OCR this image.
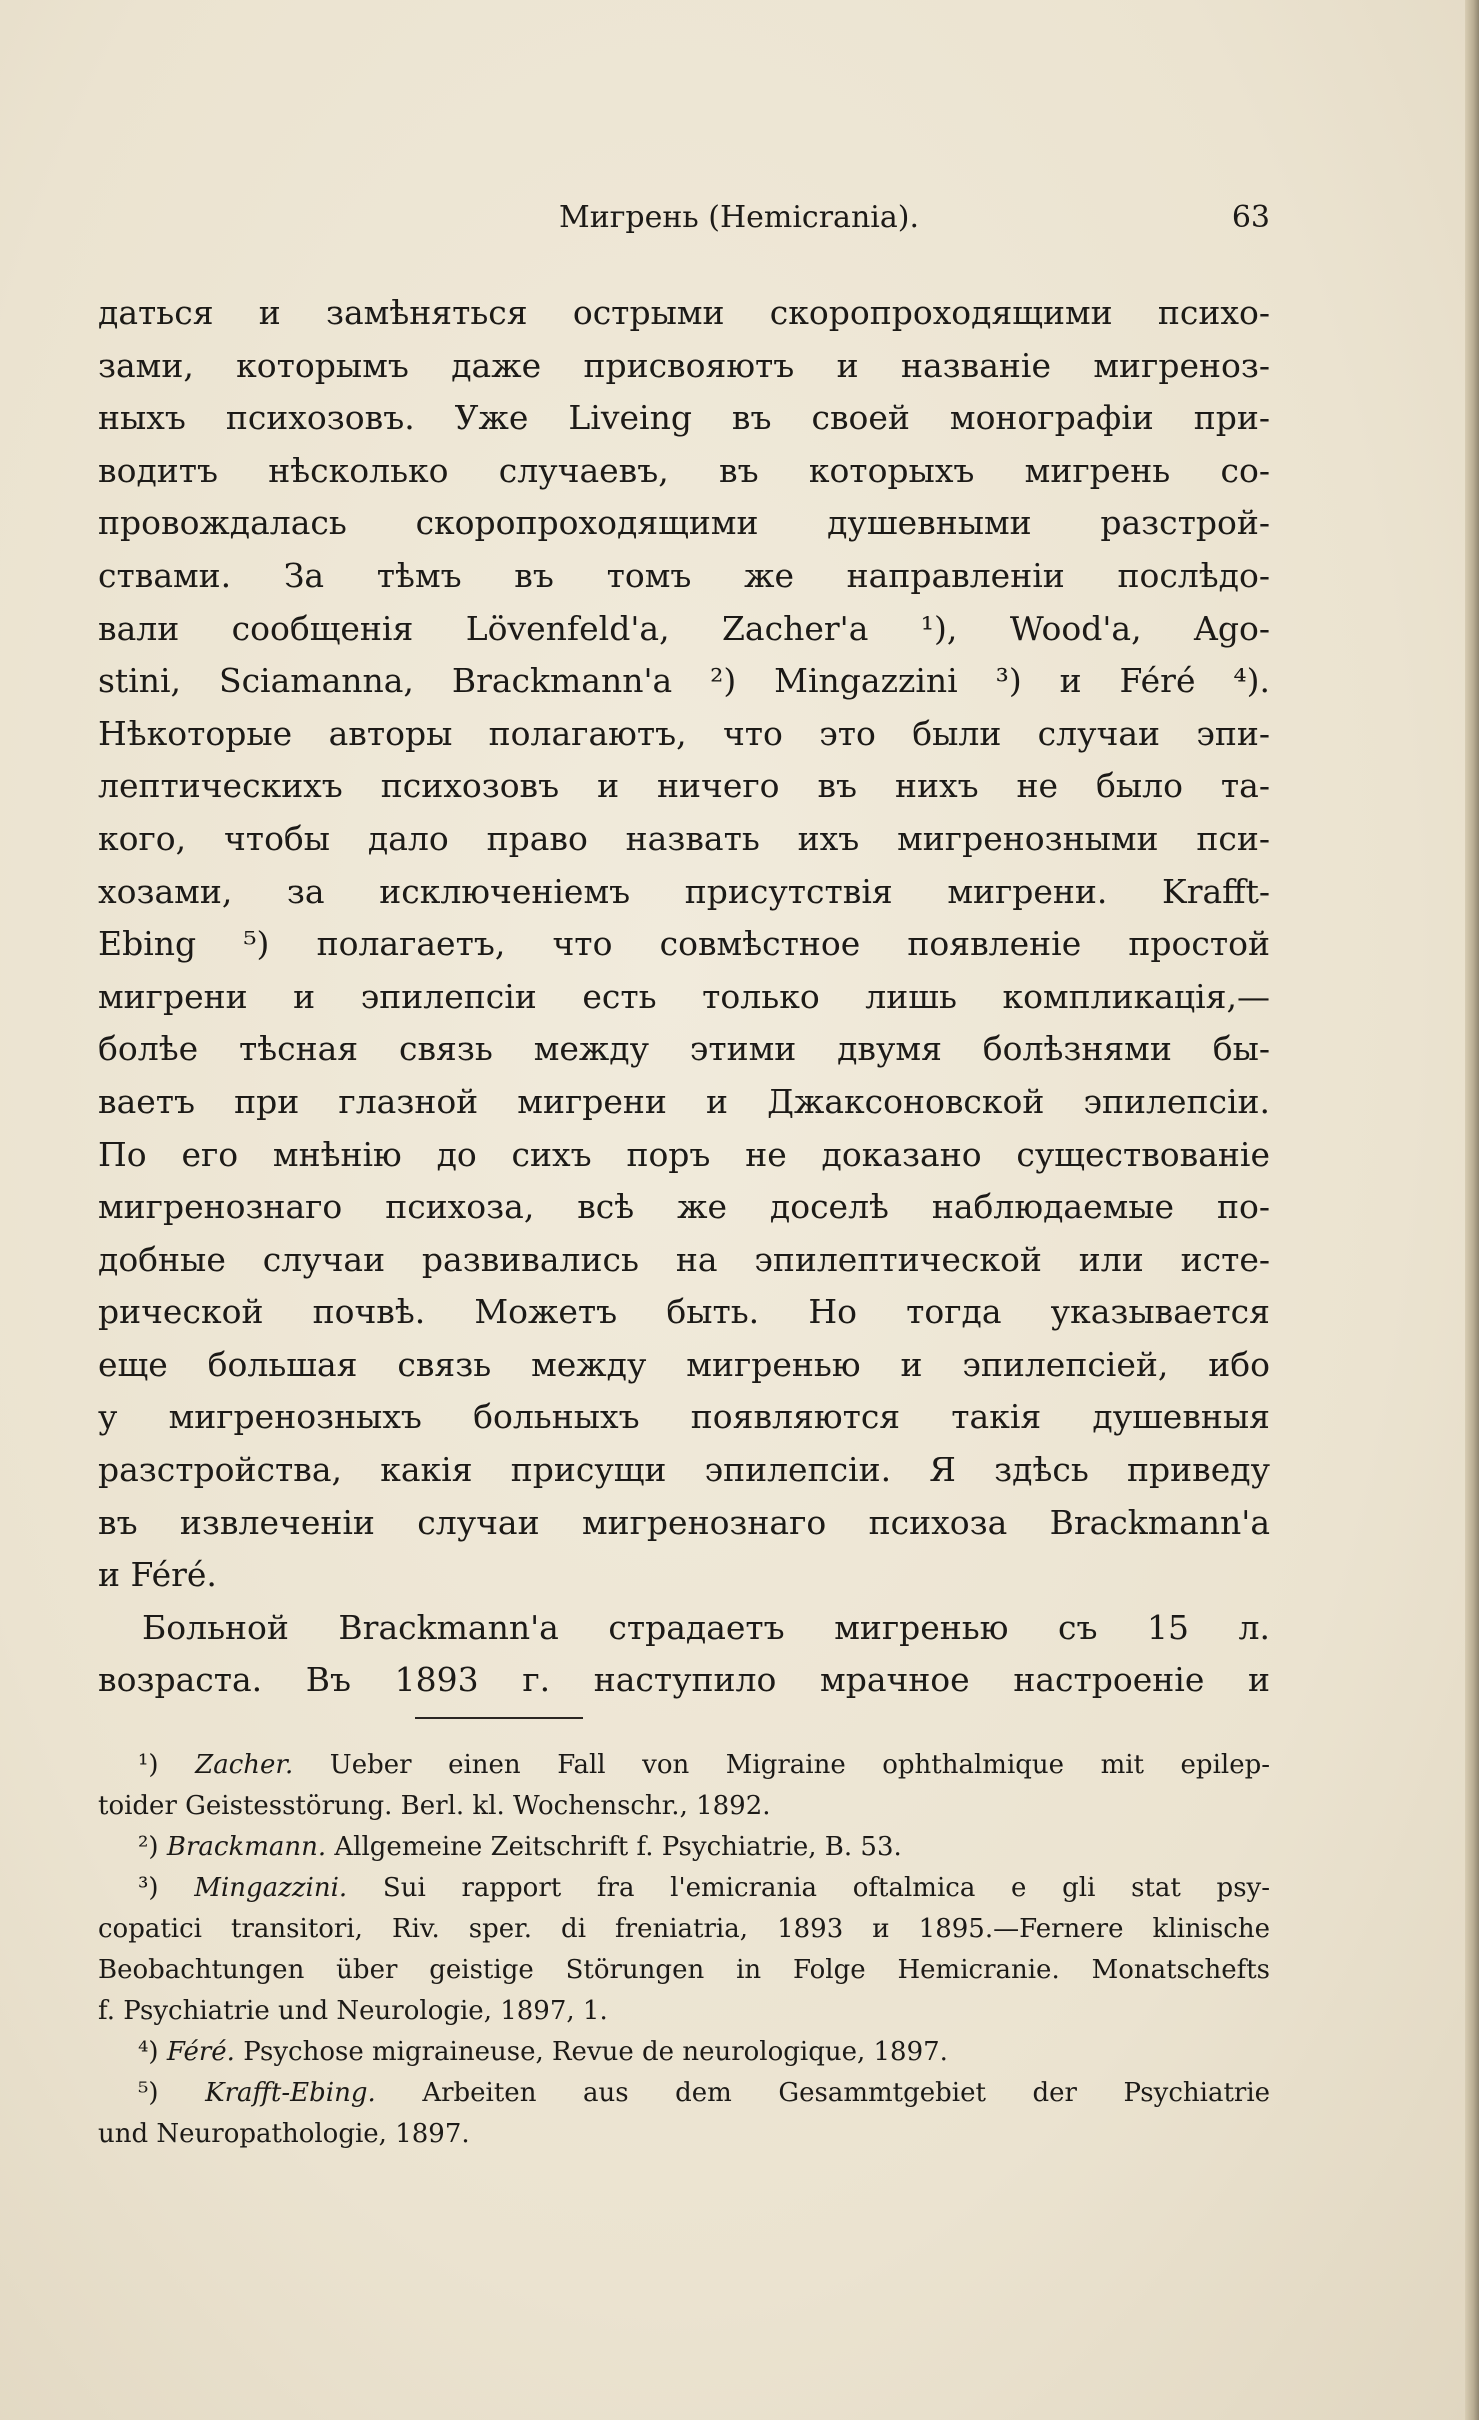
Мигрень (Hemicrania).	63
даться и замѣняться острыми скоропроходящими психо-
зами, которымъ даже присвояютъ и названіе мигреноз-
ныхъ психозовъ. Уже Liveing въ своей монографіи при-
водитъ нѣсколько случаевъ, въ которыхъ мигрень со-
провождалась скоропроходящими душевными разстрой-
ствами. За тѣмъ въ томъ же направленіи послѣдо-
вали сообщенія Lövenfeld'a, Zacher'a ¹), Wood'a, Ago-
stini, Sciamanna, Brackmann'a ²) Mingazzini ³) и Féré ⁴).
Нѣкоторые авторы полагаютъ, что это были случаи эпи-
лептическихъ психозовъ и ничего въ нихъ не было та-
кого, чтобы дало право назвать ихъ мигренозными пси-
хозами, за исключеніемъ присутствія мигрени. Krafft-
Ebing ⁵) полагаетъ, что совмѣстное появленіе простой
мигрени и эпилепсіи есть только лишь компликація,—
болѣе тѣсная связь между этими двумя болѣзнями бы-
ваетъ при глазной мигрени и Джаксоновской эпилепсіи.
По его мнѣнію до сихъ поръ не доказано существованіе
мигренознаго психоза, всѣ же доселѣ наблюдаемые по-
добные случаи развивались на эпилептической или исте-
рической почвѣ. Можетъ быть. Но тогда указывается
еще большая связь между мигренью и эпилепсіей, ибо
у мигренозныхъ больныхъ появляются такія душевныя
разстройства, какія присущи эпилепсіи. Я здѣсь приведу
въ извлеченіи случаи мигренознаго психоза Brackmann'a
и Féré.
Больной Brackmann'a страдаетъ мигренью съ 15 л.
возраста. Въ 1893 г. наступило мрачное настроеніе и
¹) Zacher. Ueber einen Fall von Migraine ophthalmique mit epilep-
toider Geistesstörung. Berl. kl. Wochenschr., 1892.
²) Brackmann. Allgemeine Zeitschrift f. Psychiatrie, B. 53.
³) Mingazzini. Sui rapport fra l'emicrania oftalmica e gli stat psy-
copatici transitori, Riv. sper. di freniatria, 1893 и 1895.—Fernere klinische
Beobachtungen über geistige Störungen in Folge Hemicranie. Monatschefts
f. Psychiatrie und Neurologie, 1897, 1.
⁴) Féré. Psychose migraineuse, Revue de neurologique, 1897.
⁵) Krafft-Ebing. Arbeiten aus dem Gesammtgebiet der Psychiatrie
und Neuropathologie, 1897.
